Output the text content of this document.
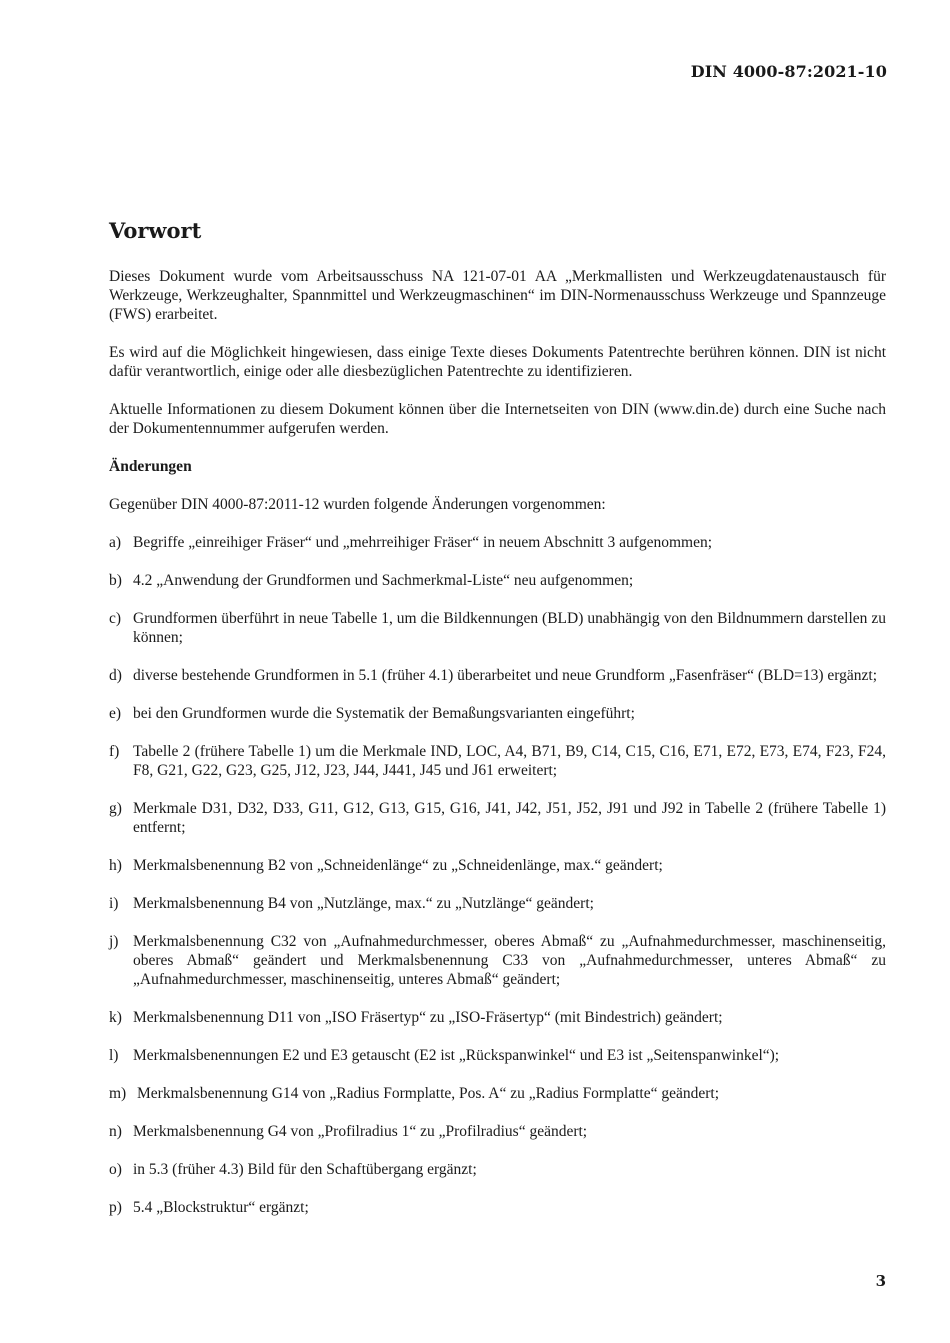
DIN 4000-87:2021-10
Vorwort

Dieses Dokument wurde vom Arbeitsausschuss NA 121-07-01 AA „Merkmallisten und Werkzeugdatenaustausch für Werkzeuge, Werkzeughalter, Spannmittel und Werkzeugmaschinen“ im DIN-Normenausschuss Werkzeuge und Spannzeuge (FWS) erarbeitet.

Es wird auf die Möglichkeit hingewiesen, dass einige Texte dieses Dokuments Patentrechte berühren können. DIN ist nicht dafür verantwortlich, einige oder alle diesbezüglichen Patentrechte zu identifizieren.

Aktuelle Informationen zu diesem Dokument können über die Internetseiten von DIN (www.din.de) durch eine Suche nach der Dokumentennummer aufgerufen werden.

Änderungen

Gegenüber DIN 4000-87:2011-12 wurden folgende Änderungen vorgenommen:

a) Begriffe „einreihiger Fräser“ und „mehrreihiger Fräser“ in neuem Abschnitt 3 aufgenommen;
b) 4.2 „Anwendung der Grundformen und Sachmerkmal-Liste“ neu aufgenommen;
c) Grundformen überführt in neue Tabelle 1, um die Bildkennungen (BLD) unabhängig von den Bildnummern darstellen zu können;
d) diverse bestehende Grundformen in 5.1 (früher 4.1) überarbeitet und neue Grundform „Fasenfräser“ (BLD=13) ergänzt;
e) bei den Grundformen wurde die Systematik der Bemaßungsvarianten eingeführt;
f) Tabelle 2 (frühere Tabelle 1) um die Merkmale IND, LOC, A4, B71, B9, C14, C15, C16, E71, E72, E73, E74, F23, F24, F8, G21, G22, G23, G25, J12, J23, J44, J441, J45 und J61 erweitert;
g) Merkmale D31, D32, D33, G11, G12, G13, G15, G16, J41, J42, J51, J52, J91 und J92 in Tabelle 2 (frühere Tabelle 1) entfernt;
h) Merkmalsbenennung B2 von „Schneidenlänge“ zu „Schneidenlänge, max.“ geändert;
i) Merkmalsbenennung B4 von „Nutzlänge, max.“ zu „Nutzlänge“ geändert;
j) Merkmalsbenennung C32 von „Aufnahmedurchmesser, oberes Abmaß“ zu „Aufnahmedurchmesser, maschinenseitig, oberes Abmaß“ geändert und Merkmalsbenennung C33 von „Aufnahmedurchmesser, unteres Abmaß“ zu „Aufnahmedurchmesser, maschinenseitig, unteres Abmaß“ geändert;
k) Merkmalsbenennung D11 von „ISO Fräsertyp“ zu „ISO-Fräsertyp“ (mit Bindestrich) geändert;
l) Merkmalsbenennungen E2 und E3 getauscht (E2 ist „Rückspanwinkel“ und E3 ist „Seitenspanwinkel“);
m) Merkmalsbenennung G14 von „Radius Formplatte, Pos. A“ zu „Radius Formplatte“ geändert;
n) Merkmalsbenennung G4 von „Profilradius 1“ zu „Profilradius“ geändert;
o) in 5.3 (früher 4.3) Bild für den Schaftübergang ergänzt;
p) 5.4 „Blockstruktur“ ergänzt;
3
